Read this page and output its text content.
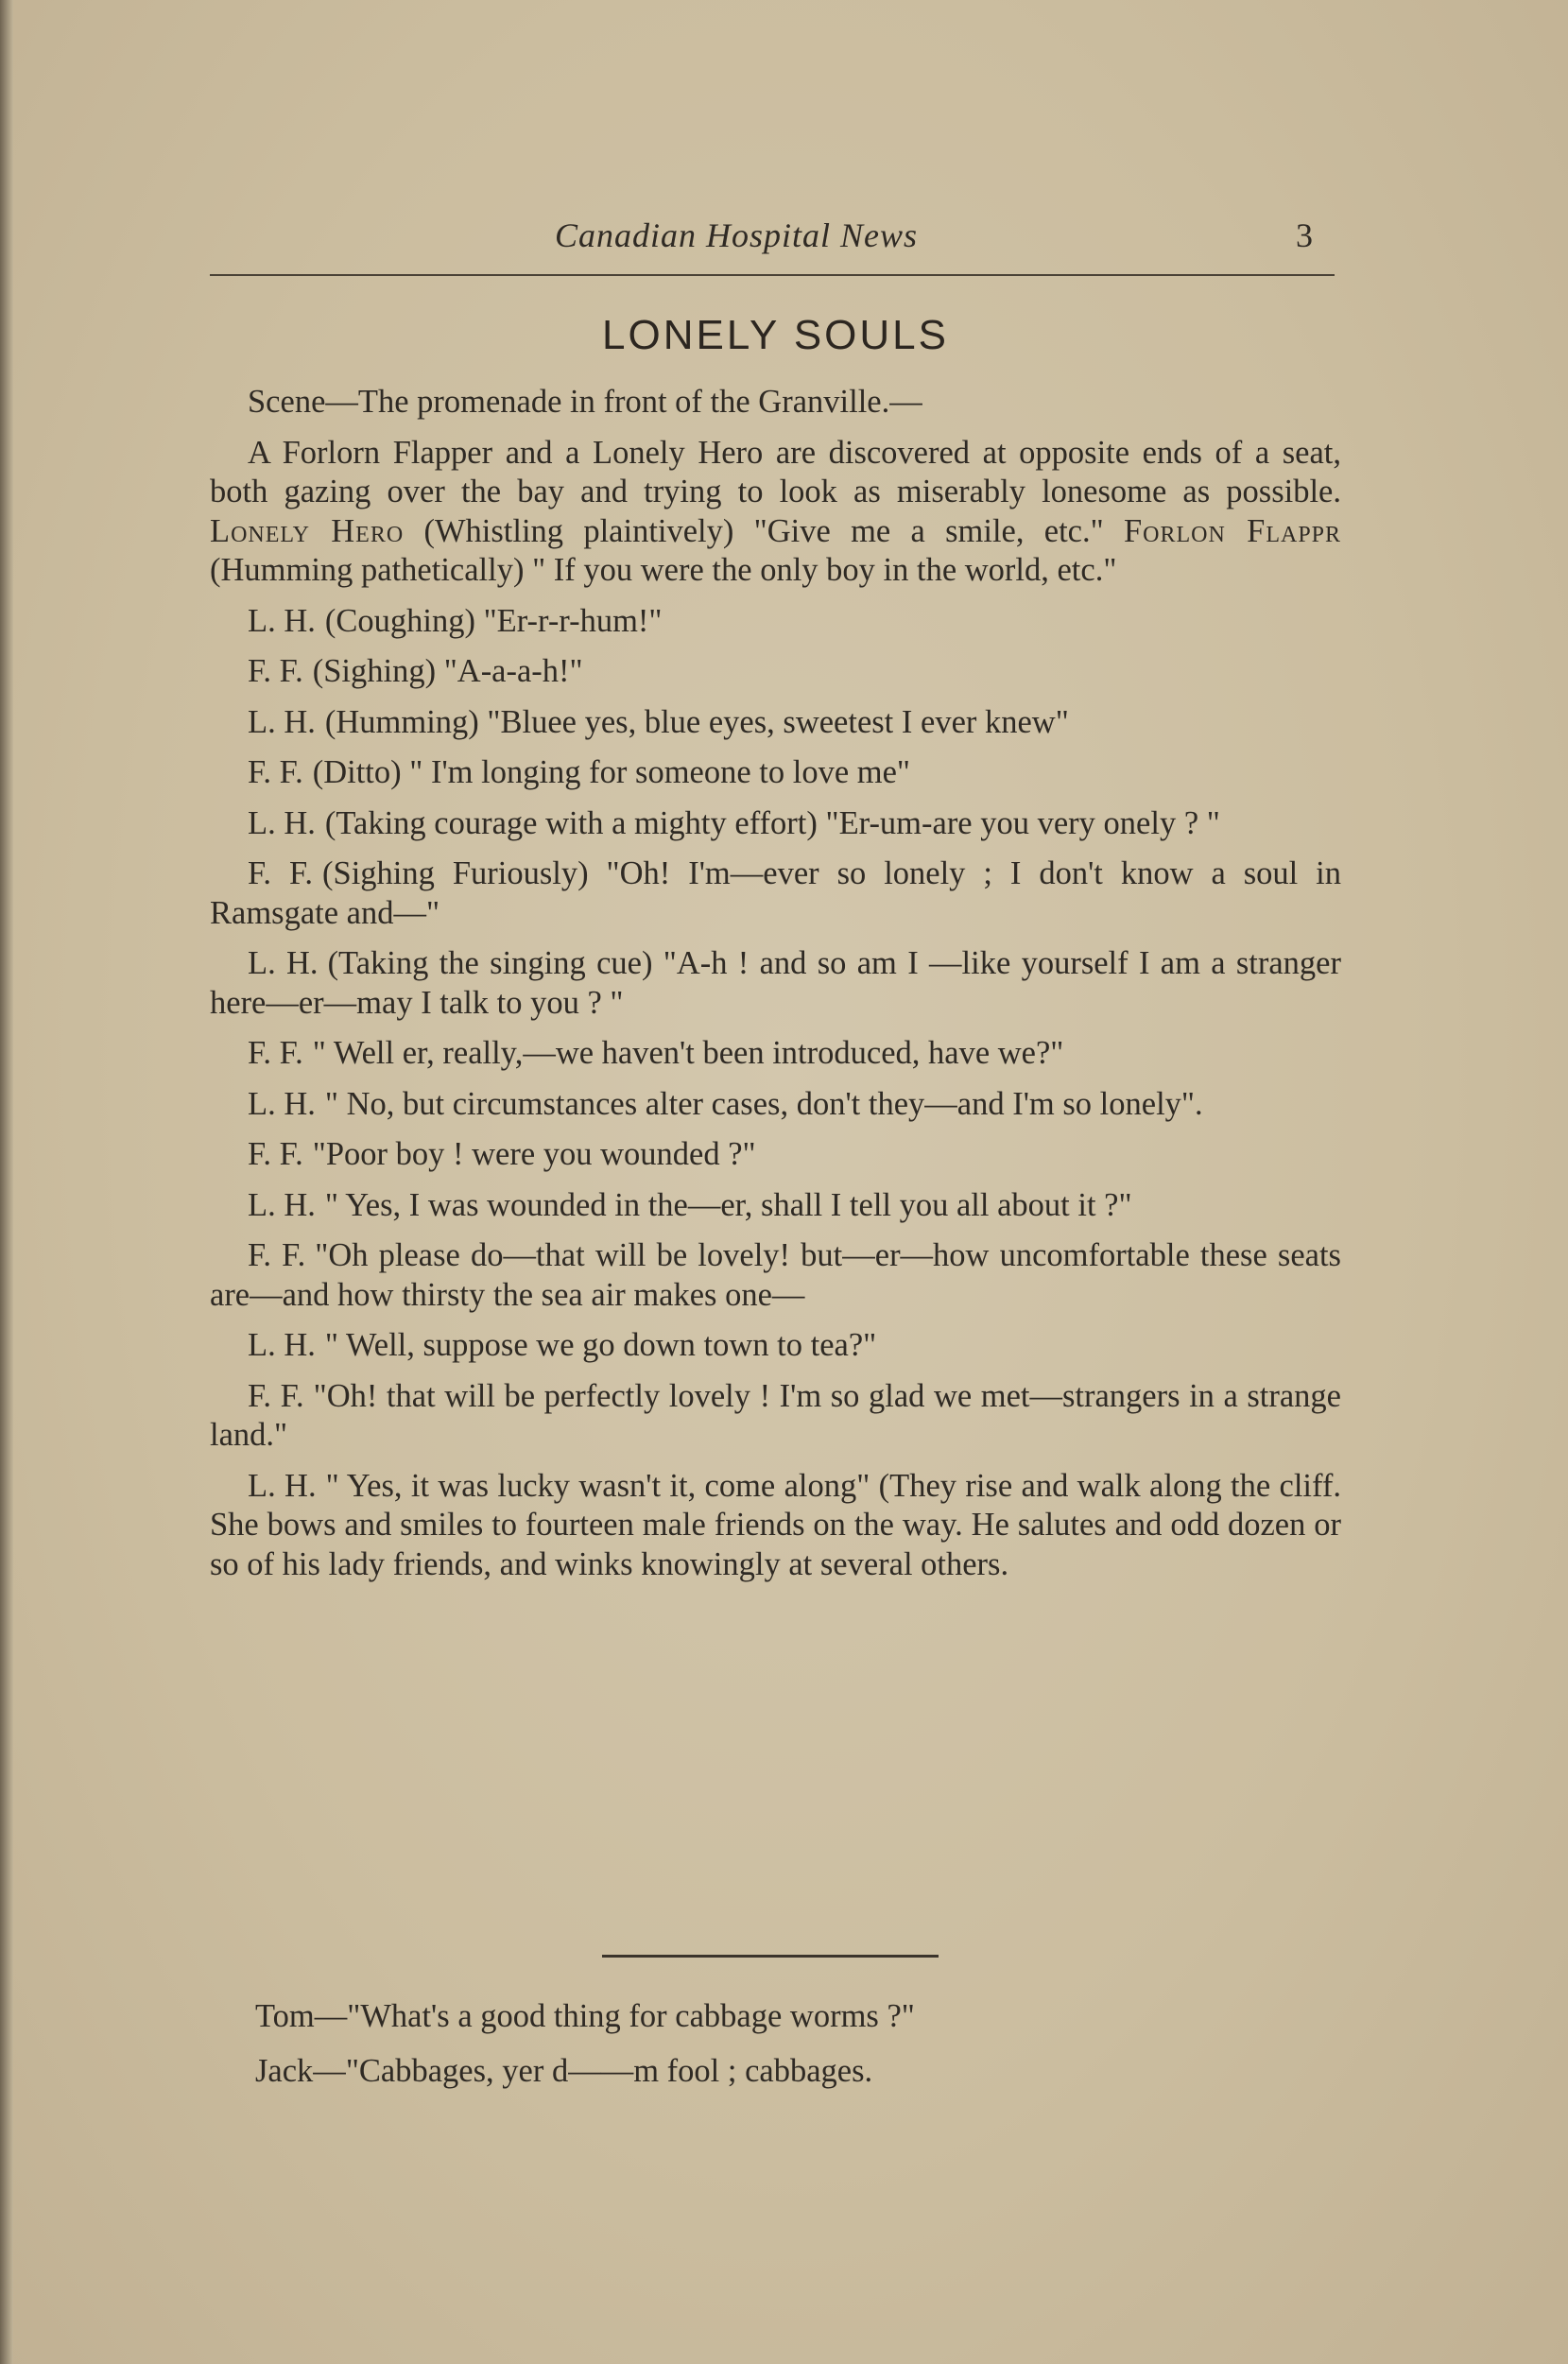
Canadian Hospital News	3
LONELY SOULS

Scene—The promenade in front of the Granville.—

A Forlorn Flapper and a Lonely Hero are discovered at opposite ends of a seat, both gazing over the bay and trying to look as miserably lonesome as possible. Lonely Hero (Whistling plaintively) "Give me a smile, etc." Forlon Flappr (Humming pathetically) " If you were the only boy in the world, etc."

L. H. (Coughing) "Er-r-r-hum!"

F. F. (Sighing) "A-a-a-h!"

L. H. (Humming) "Bluee yes, blue eyes, sweetest I ever knew"

F. F. (Ditto) " I'm longing for someone to love me"

L. H. (Taking courage with a mighty effort) "Er-um-are you very onely ? "

F. F. (Sighing Furiously) "Oh! I'm—ever so lonely ; I don't know a soul in Ramsgate and—"

L. H. (Taking the singing cue) "A-h ! and so am I —like yourself I am a stranger here—er—may I talk to you ? "

F. F. " Well er, really,—we haven't been introduced, have we?"

L. H. " No, but circumstances alter cases, don't they—and I'm so lonely".

F. F. "Poor boy ! were you wounded ?"

L. H. " Yes, I was wounded in the—er, shall I tell you all about it ?"

F. F. "Oh please do—that will be lovely! but—er—how uncomfortable these seats are—and how thirsty the sea air makes one—

L. H. " Well, suppose we go down town to tea?"

F. F. "Oh! that will be perfectly lovely ! I'm so glad we met—strangers in a strange land."

L. H. " Yes, it was lucky wasn't it, come along" (They rise and walk along the cliff. She bows and smiles to fourteen male friends on the way. He salutes and odd dozen or so of his lady friends, and winks knowingly at several others.

Tom—"What's a good thing for cabbage worms ?"

Jack—"Cabbages, yer d——m fool ; cabbages.
